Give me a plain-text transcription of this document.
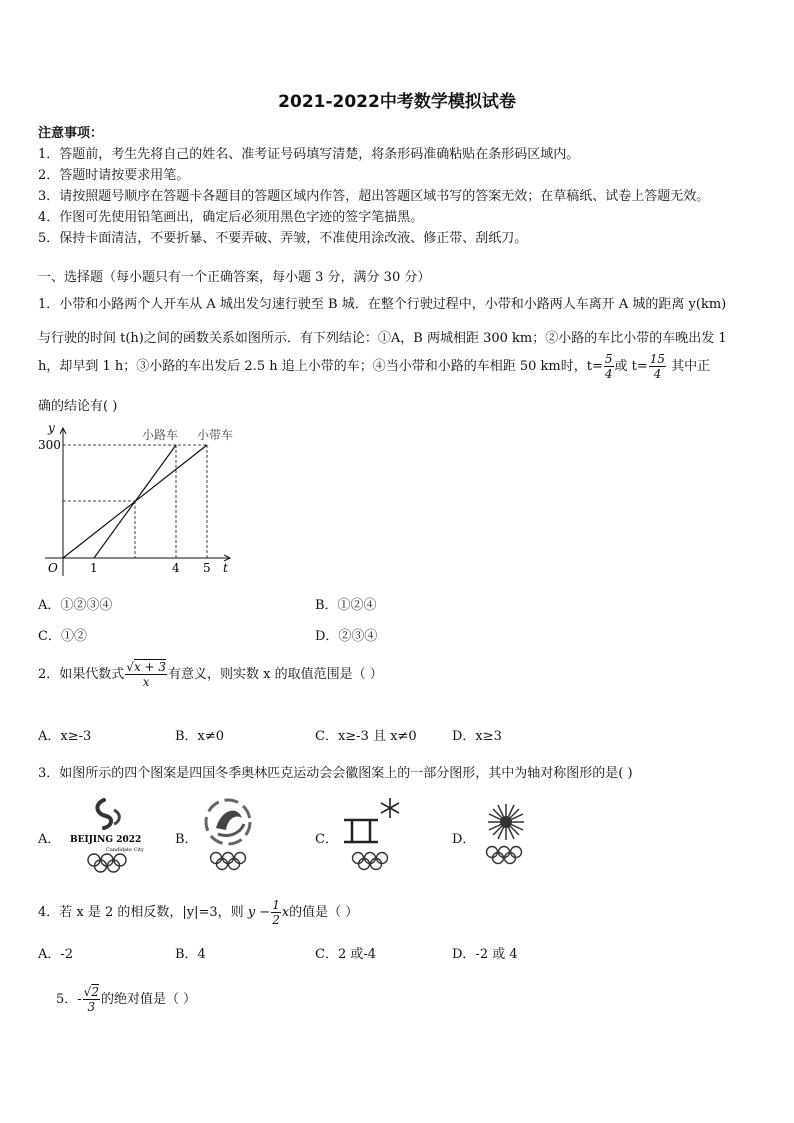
2021-2022中考数学模拟试卷
注意事项：
1．答题前，考生先将自己的姓名、准考证号码填写清楚，将条形码准确粘贴在条形码区域内。
2．答题时请按要求用笔。
3．请按照题号顺序在答题卡各题目的答题区域内作答，超出答题区域书写的答案无效；在草稿纸、试卷上答题无效。
4．作图可先使用铅笔画出，确定后必须用黑色字迹的签字笔描黑。
5．保持卡面清洁，不要折暴、不要弄破、弄皱，不准使用涂改液、修正带、刮纸刀。
一、选择题（每小题只有一个正确答案，每小题 3 分，满分 30 分）
1．小带和小路两个人开车从 A 城出发匀速行驶至 B 城．在整个行驶过程中，小带和小路两人车离开 A 城的距离 y(km)
与行驶的时间 t(h)之间的函数关系如图所示．有下列结论：①A，B 两城相距 300 km；②小路的车比小带的车晚出发 1
h，却早到 1 h；③小路的车出发后 2.5 h 追上小带的车；④当小带和小路的车相距 50 km时，$t= \frac{5}{4}$ 或 $t= \frac{15}{4}$ 其中正
确的结论有( )
y
300
O	1	4 5 t
小路车 小带车
A．①②③④	B．①②④
C．①②	D．②③④
2．如果代数式 $\frac{√x + 3}{x}$ 有意义，则实数 x 的取值范围是（ ）
A．x≥-3	B．x≠0	C．x≥-3 且 x≠0	D．x≥3
3．如图所示的四个图案是四国冬季奥林匹克运动会会徽图案上的一部分图形，其中为轴对称图形的是( )
A． BEIJING 2022
Candidate City
B．	C．	D．
4．若 x 是 2 的相反数，|y|=3，则 $y - \frac{1}{2}$ x的值是（ ）
A．-2	B．4	C．2 或-4	D．-2 或 4
5．- $\frac{√2}{3}$ 的绝对值是（ ）
